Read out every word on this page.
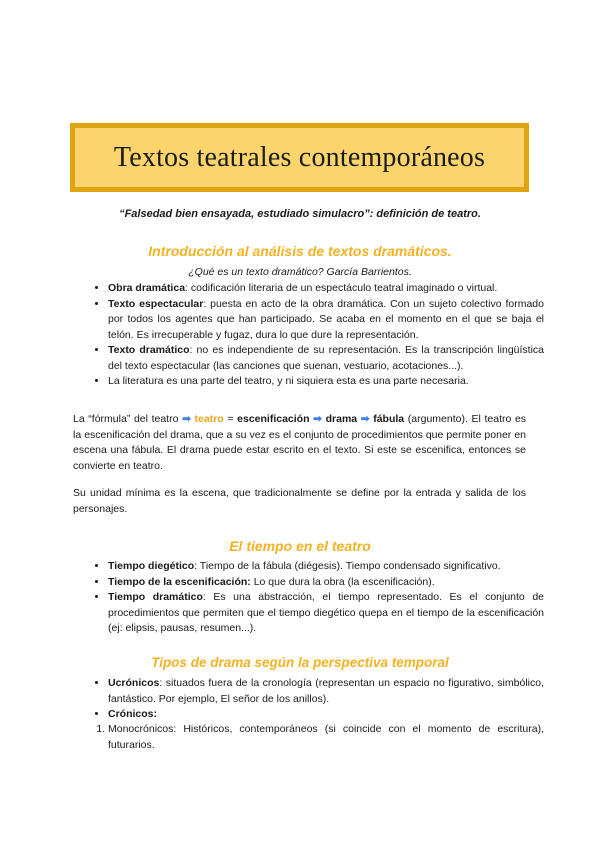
Textos teatrales contemporáneos
“Falsedad bien ensayada, estudiado simulacro”: definición de teatro.
Introducción al análisis de textos dramáticos.
¿Qué es un texto dramático? García Barrientos.
• Obra dramática: codificación literaria de un espectáculo teatral imaginado o virtual.
• Texto espectacular: puesta en acto de la obra dramática. Con un sujeto colectivo formado por todos los agentes que han participado. Se acaba en el momento en el que se baja el telón. Es irrecuperable y fugaz, dura lo que dure la representación.
• Texto dramático: no es independiente de su representación. Es la transcripción lingüística del texto espectacular (las canciones que suenan, vestuario, acotaciones...).
• La literatura es una parte del teatro, y ni siquiera esta es una parte necesaria.

La “fórmula” del teatro ➡ teatro = escenificación ➡ drama ➡ fábula (argumento). El teatro es la escenificación del drama, que a su vez es el conjunto de procedimientos que permite poner en escena una fábula. El drama puede estar escrito en el texto. Si este se escenifica, entonces se convierte en teatro.

Su unidad mínima es la escena, que tradicionalmente se define por la entrada y salida de los personajes.

El tiempo en el teatro
• Tiempo diegético: Tiempo de la fábula (diégesis). Tiempo condensado significativo.
• Tiempo de la escenificación: Lo que dura la obra (la escenificación).
• Tiempo dramático: Es una abstracción, el tiempo representado. Es el conjunto de procedimientos que permiten que el tiempo diegético quepa en el tiempo de la escenificación (ej: elipsis, pausas, resumen...).
Tipos de drama según la perspectiva temporal
• Ucrónicos: situados fuera de la cronología (representan un espacio no figurativo, simbólico, fantástico. Por ejemplo, El señor de los anillos).
• Crónicos:
1. Monocrónicos: Históricos, contemporáneos (si coincide con el momento de escritura), futurarios.
